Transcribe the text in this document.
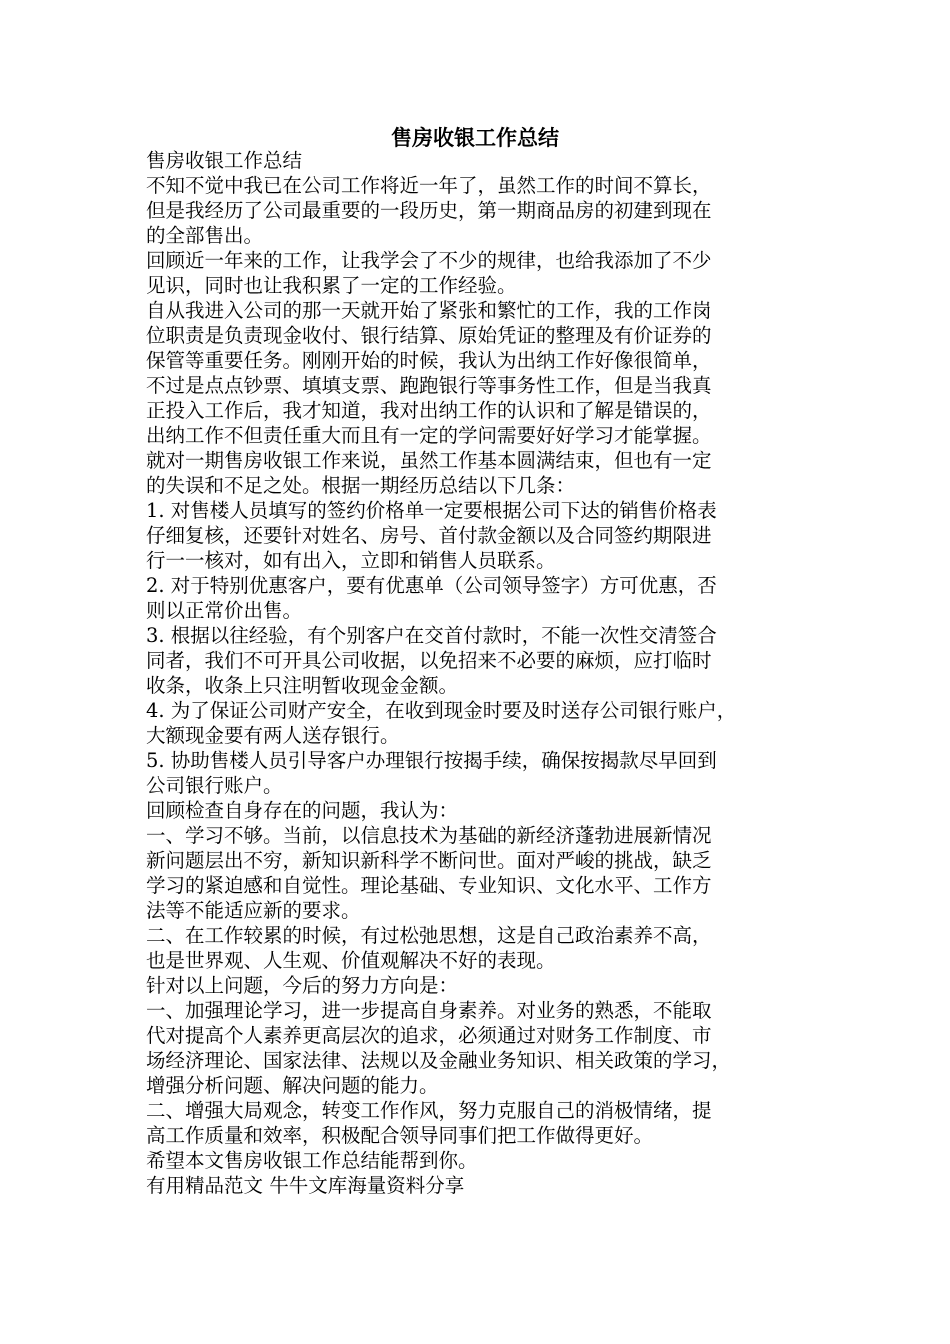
售房收银工作总结

售房收银工作总结

不知不觉中我已在公司工作将近一年了，虽然工作的时间不算长，

但是我经历了公司最重要的一段历史，第一期商品房的初建到现在

的全部售出。

回顾近一年来的工作，让我学会了不少的规律，也给我添加了不少

见识，同时也让我积累了一定的工作经验。

自从我进入公司的那一天就开始了紧张和繁忙的工作，我的工作岗

位职责是负责现金收付、银行结算、原始凭证的整理及有价证券的

保管等重要任务。刚刚开始的时候，我认为出纳工作好像很简单，

不过是点点钞票、填填支票、跑跑银行等事务性工作，但是当我真

正投入工作后，我才知道，我对出纳工作的认识和了解是错误的，

出纳工作不但责任重大而且有一定的学问需要好好学习才能掌握。

就对一期售房收银工作来说，虽然工作基本圆满结束，但也有一定

的失误和不足之处。根据一期经历总结以下几条：

1. 对售楼人员填写的签约价格单一定要根据公司下达的销售价格表

仔细复核，还要针对姓名、房号、首付款金额以及合同签约期限进

行一一核对，如有出入，立即和销售人员联系。

2. 对于特别优惠客户，要有优惠单（公司领导签字）方可优惠，否

则以正常价出售。

3. 根据以往经验，有个别客户在交首付款时，不能一次性交清签合

同者，我们不可开具公司收据，以免招来不必要的麻烦，应打临时

收条，收条上只注明暂收现金金额。

4. 为了保证公司财产安全，在收到现金时要及时送存公司银行账户，

大额现金要有两人送存银行。

5. 协助售楼人员引导客户办理银行按揭手续，确保按揭款尽早回到

公司银行账户。

回顾检查自身存在的问题，我认为：

一、学习不够。当前，以信息技术为基础的新经济蓬勃进展新情况

新问题层出不穷，新知识新科学不断问世。面对严峻的挑战，缺乏

学习的紧迫感和自觉性。理论基础、专业知识、文化水平、工作方

法等不能适应新的要求。

二、在工作较累的时候，有过松弛思想，这是自己政治素养不高，

也是世界观、人生观、价值观解决不好的表现。

针对以上问题，今后的努力方向是：

一、加强理论学习，进一步提高自身素养。对业务的熟悉，不能取

代对提高个人素养更高层次的追求，必须通过对财务工作制度、市

场经济理论、国家法律、法规以及金融业务知识、相关政策的学习，

增强分析问题、解决问题的能力。

二、增强大局观念，转变工作作风，努力克服自己的消极情绪，提

高工作质量和效率，积极配合领导同事们把工作做得更好。

希望本文售房收银工作总结能帮到你。

有用精品范文 牛牛文库海量资料分享
